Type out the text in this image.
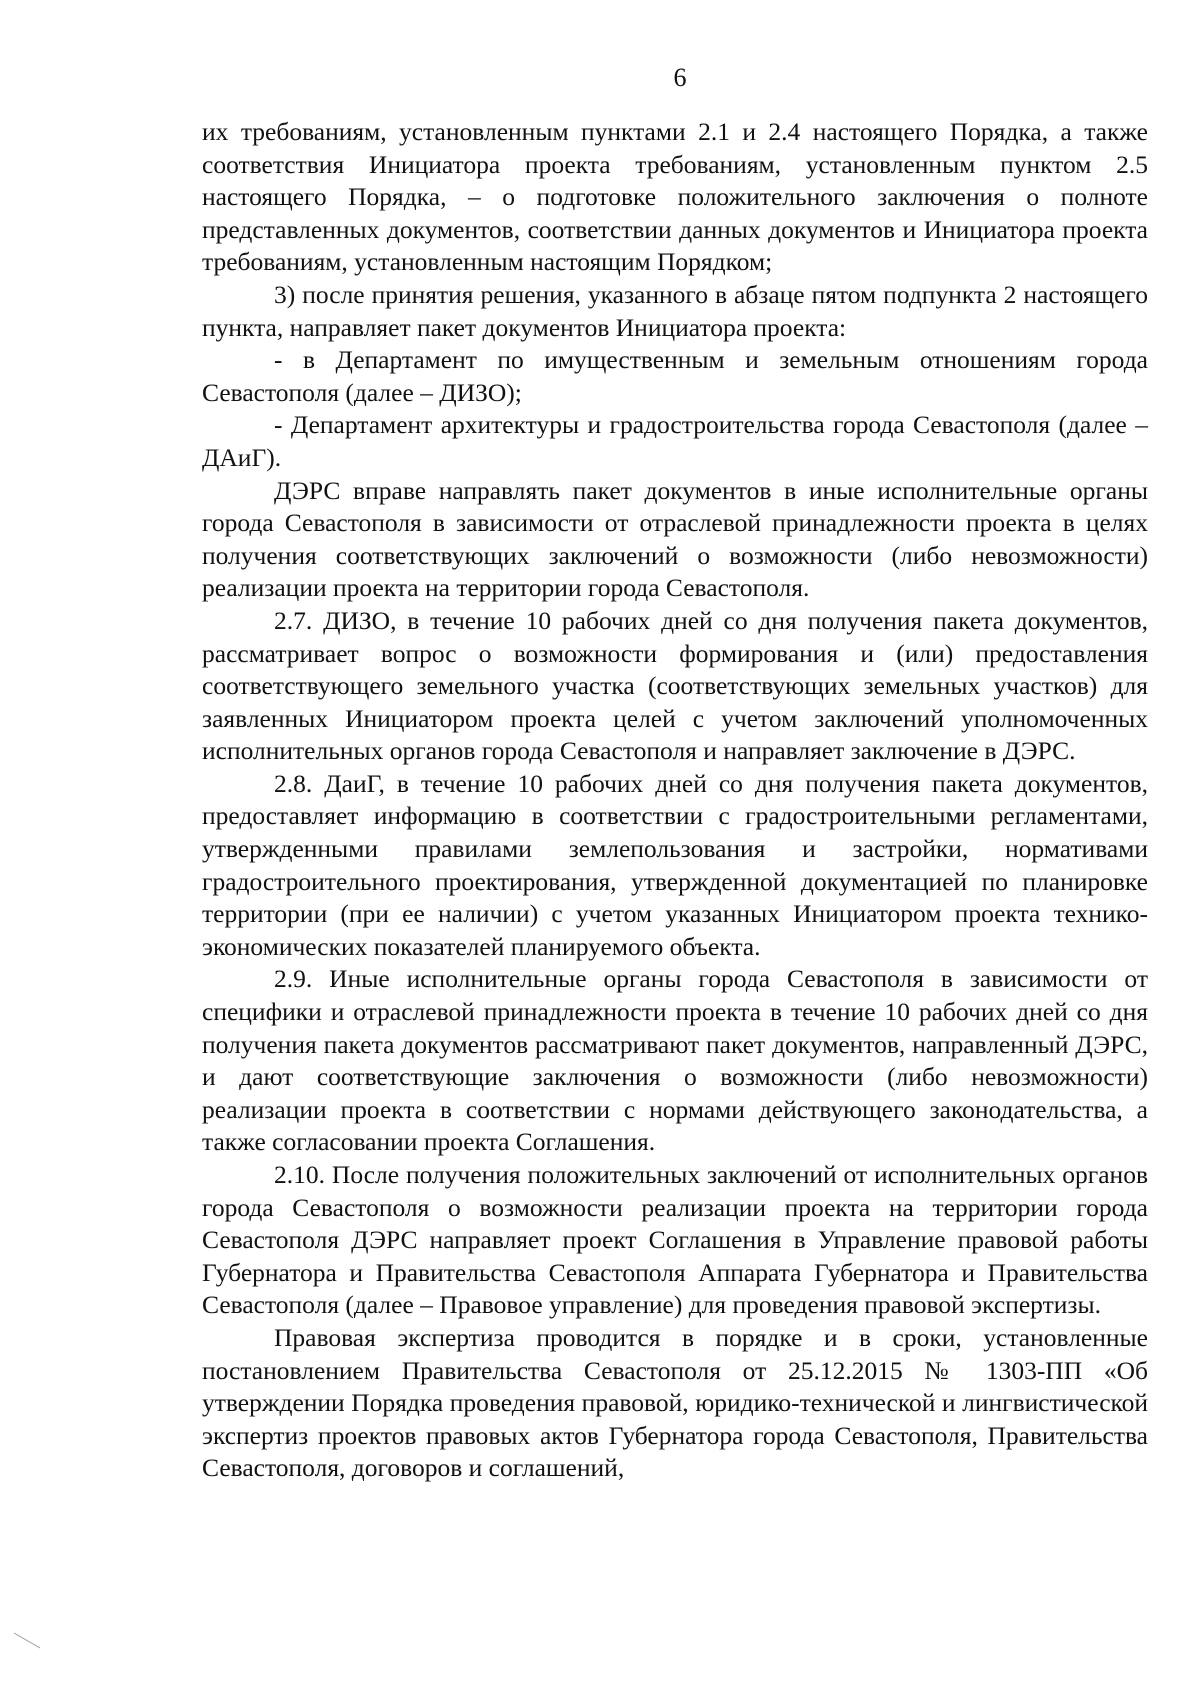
6

их требованиям, установленным пунктами 2.1 и 2.4 настоящего Порядка, а также соответствия Инициатора проекта требованиям, установленным пунктом 2.5 настоящего Порядка, – о подготовке положительного заключения о полноте представленных документов, соответствии данных документов и Инициатора проекта требованиям, установленным настоящим Порядком;

3) после принятия решения, указанного в абзаце пятом подпункта 2 настоящего пункта, направляет пакет документов Инициатора проекта:

- в Департамент по имущественным и земельным отношениям города Севастополя (далее – ДИЗО);

- Департамент архитектуры и градостроительства города Севастополя (далее – ДАиГ).

ДЭРС вправе направлять пакет документов в иные исполнительные органы города Севастополя в зависимости от отраслевой принадлежности проекта в целях получения соответствующих заключений о возможности (либо невозможности) реализации проекта на территории города Севастополя.

2.7. ДИЗО, в течение 10 рабочих дней со дня получения пакета документов, рассматривает вопрос о возможности формирования и (или) предоставления соответствующего земельного участка (соответствующих земельных участков) для заявленных Инициатором проекта целей с учетом заключений уполномоченных исполнительных органов города Севастополя и направляет заключение в ДЭРС.

2.8. ДаиГ, в течение 10 рабочих дней со дня получения пакета документов, предоставляет информацию в соответствии с градостроительными регламентами, утвержденными правилами землепользования и застройки, нормативами градостроительного проектирования, утвержденной документацией по планировке территории (при ее наличии) с учетом указанных Инициатором проекта технико-экономических показателей планируемого объекта.

2.9. Иные исполнительные органы города Севастополя в зависимости от специфики и отраслевой принадлежности проекта в течение 10 рабочих дней со дня получения пакета документов рассматривают пакет документов, направленный ДЭРС, и дают соответствующие заключения о возможности (либо невозможности) реализации проекта в соответствии с нормами действующего законодательства, а также согласовании проекта Соглашения.

2.10. После получения положительных заключений от исполнительных органов города Севастополя о возможности реализации проекта на территории города Севастополя ДЭРС направляет проект Соглашения в Управление правовой работы Губернатора и Правительства Севастополя Аппарата Губернатора и Правительства Севастополя (далее – Правовое управление) для проведения правовой экспертизы.

Правовая экспертиза проводится в порядке и в сроки, установленные постановлением Правительства Севастополя от 25.12.2015 № 1303-ПП «Об утверждении Порядка проведения правовой, юридико-технической и лингвистической экспертиз проектов правовых актов Губернатора города Севастополя, Правительства Севастополя, договоров и соглашений,
